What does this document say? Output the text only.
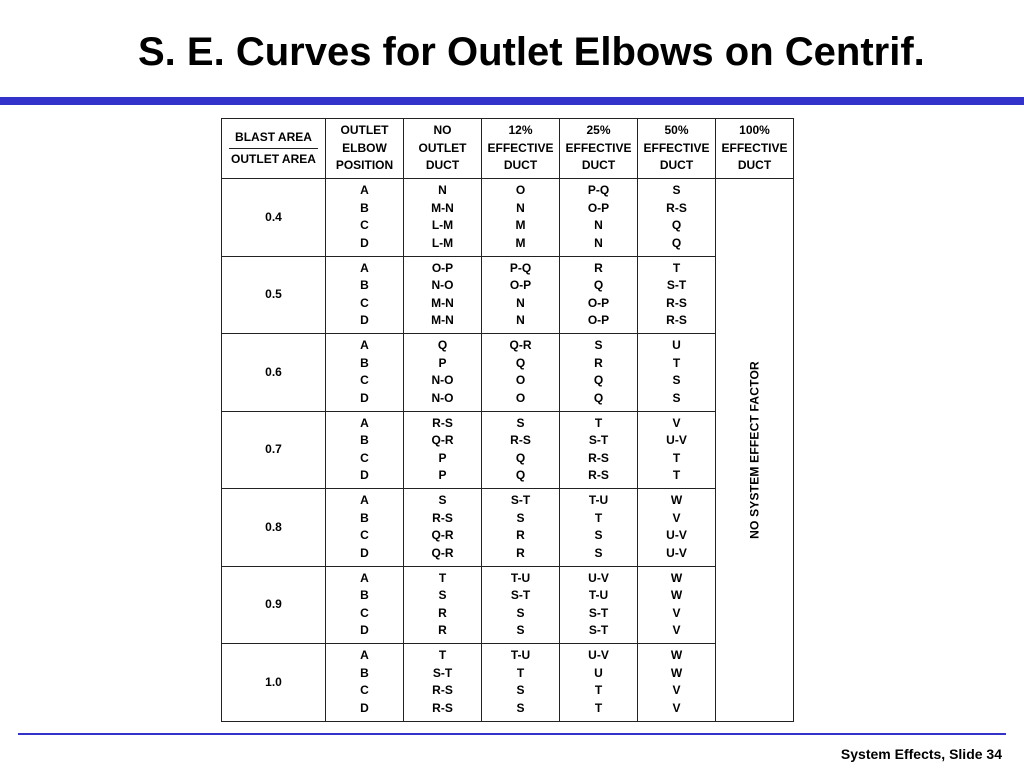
S. E. Curves for Outlet Elbows on Centrif.
BLAST AREA
OUTLET AREA	OUTLET
ELBOW
POSITION	NO
OUTLET
DUCT	12%
EFFECTIVE
DUCT	25%
EFFECTIVE
DUCT	50%
EFFECTIVE
DUCT	100%
EFFECTIVE
DUCT

0.4	A
B
C
D	N
M-N
L-M
L-M	O
N
M
M	P-Q
O-P
N
N	S
R-S
Q
Q	NO SYSTEM EFFECT FACTOR

0.5	A
B
C
D	O-P
N-O
M-N
M-N	P-Q
O-P
N
N	R
Q
O-P
O-P	T
S-T
R-S
R-S	

0.6	A
B
C
D	Q
P
N-O
N-O	Q-R
Q
O
O	S
R
Q
Q	U
T
S
S	

0.7	A
B
C
D	R-S
Q-R
P
P	S
R-S
Q
Q	T
S-T
R-S
R-S	V
U-V
T
T	

0.8	A
B
C
D	S
R-S
Q-R
Q-R	S-T
S
R
R	T-U
T
S
S	W
V
U-V
U-V	

0.9	A
B
C
D	T
S
R
R	T-U
S-T
S
S	U-V
T-U
S-T
S-T	W
W
V
V	

1.0	A
B
C
D	T
S-T
R-S
R-S	T-U
T
S
S	U-V
U
T
T	W
W
V
V	
System Effects, Slide 34
